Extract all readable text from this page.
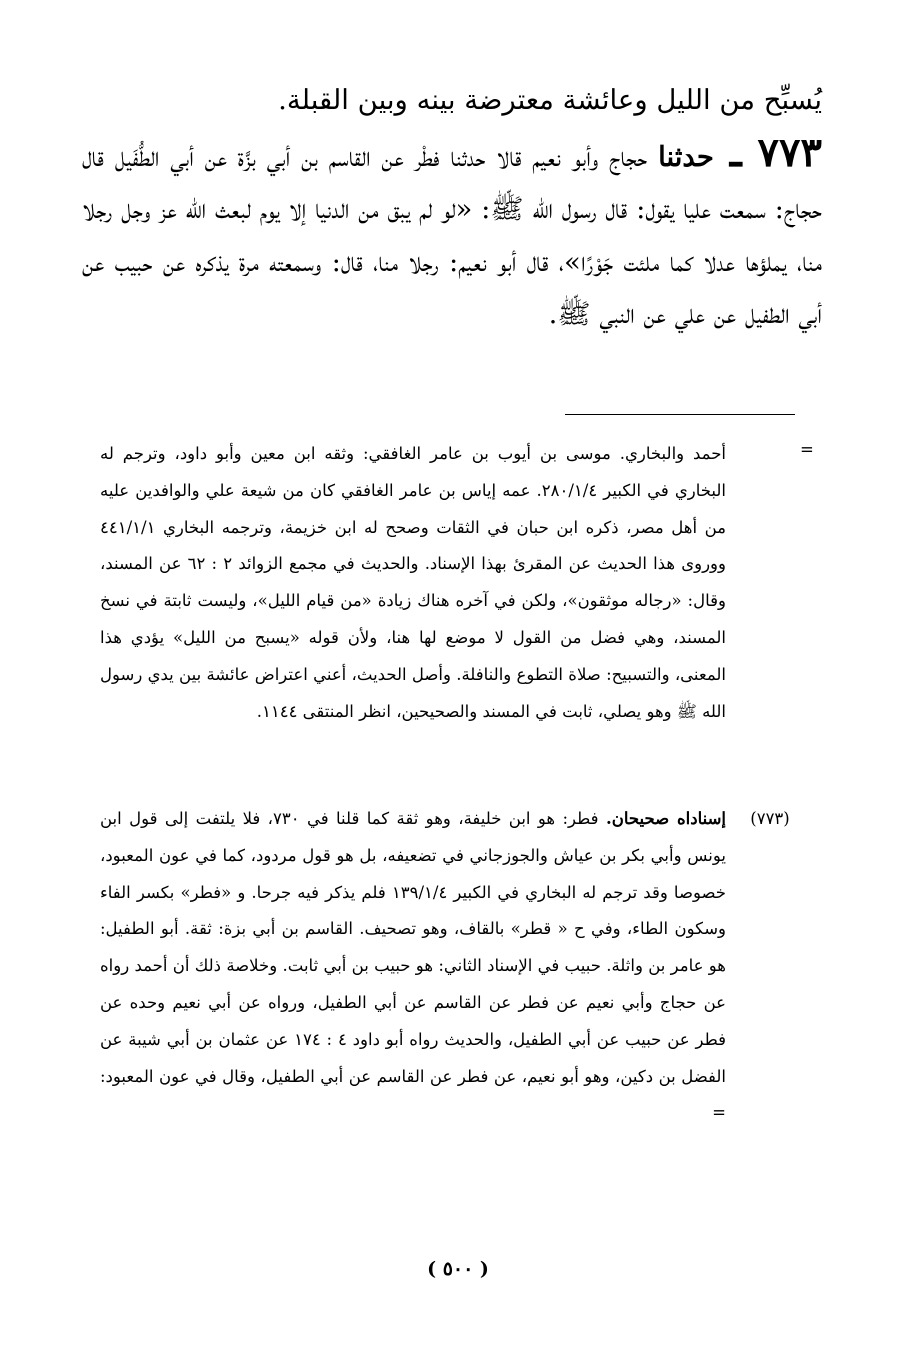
يُسبِّح من الليل وعائشة معترضة بينه وبين القبلة.

٧٧٣ ـ حدثنا حجاج وأبو نعيم قالا حدثنا فطْر عن القاسم بن أبي بزَّة عن أبي الطُّفَيل قال حجاج: سمعت عليا يقول: قال رسول الله ﷺ: «لو لم يبق من الدنيا إلا يوم لبعث الله عز وجل رجلا منا، يملؤها عدلا كما ملئت جَوْرًا»، قال أبو نعيم: رجلا منا، قال: وسمعته مرة يذكره عن حبيب عن أبي الطفيل عن علي عن النبي ﷺ.

=

أحمد والبخاري. موسى بن أيوب بن عامر الغافقي: وثقه ابن معين وأبو داود، وترجم له البخاري في الكبير ٢٨٠/١/٤. عمه إياس بن عامر الغافقي كان من شيعة علي والوافدين عليه من أهل مصر، ذكره ابن حبان في الثقات وصحح له ابن خزيمة، وترجمه البخاري ٤٤١/١/١ ووروى هذا الحديث عن المقرئ بهذا الإسناد. والحديث في مجمع الزوائد ٢ : ٦٢ عن المسند، وقال: «رجاله موثقون»، ولكن في آخره هناك زيادة «من قيام الليل»، وليست ثابتة في نسخ المسند، وهي فضل من القول لا موضع لها هنا، ولأن قوله «يسبح من الليل» يؤدي هذا المعنى، والتسبيح: صلاة التطوع والنافلة. وأصل الحديث، أعني اعتراض عائشة بين يدي رسول الله ﷺ وهو يصلي، ثابت في المسند والصحيحين، انظر المنتقى ١١٤٤.

(٧٧٣)

إسناداه صحيحان. فطر: هو ابن خليفة، وهو ثقة كما قلنا في ٧٣٠، فلا يلتفت إلى قول ابن يونس وأبي بكر بن عياش والجوزجاني في تضعيفه، بل هو قول مردود، كما في عون المعبود، خصوصا وقد ترجم له البخاري في الكبير ١٣٩/١/٤ فلم يذكر فيه جرحا. و «فطر» بكسر الفاء وسكون الطاء، وفي ح « قطر» بالقاف، وهو تصحيف. القاسم بن أبي بزة: ثقة. أبو الطفيل: هو عامر بن واثلة. حبيب في الإسناد الثاني: هو حبيب بن أبي ثابت. وخلاصة ذلك أن أحمد رواه عن حجاج وأبي نعيم عن فطر عن القاسم عن أبي الطفيل، ورواه عن أبي نعيم وحده عن فطر عن حبيب عن أبي الطفيل، والحديث رواه أبو داود ٤ : ١٧٤ عن عثمان بن أبي شيبة عن الفضل بن دكين، وهو أبو نعيم، عن فطر عن القاسم عن أبي الطفيل، وقال في عون المعبود: =

( ٥٠٠ )
